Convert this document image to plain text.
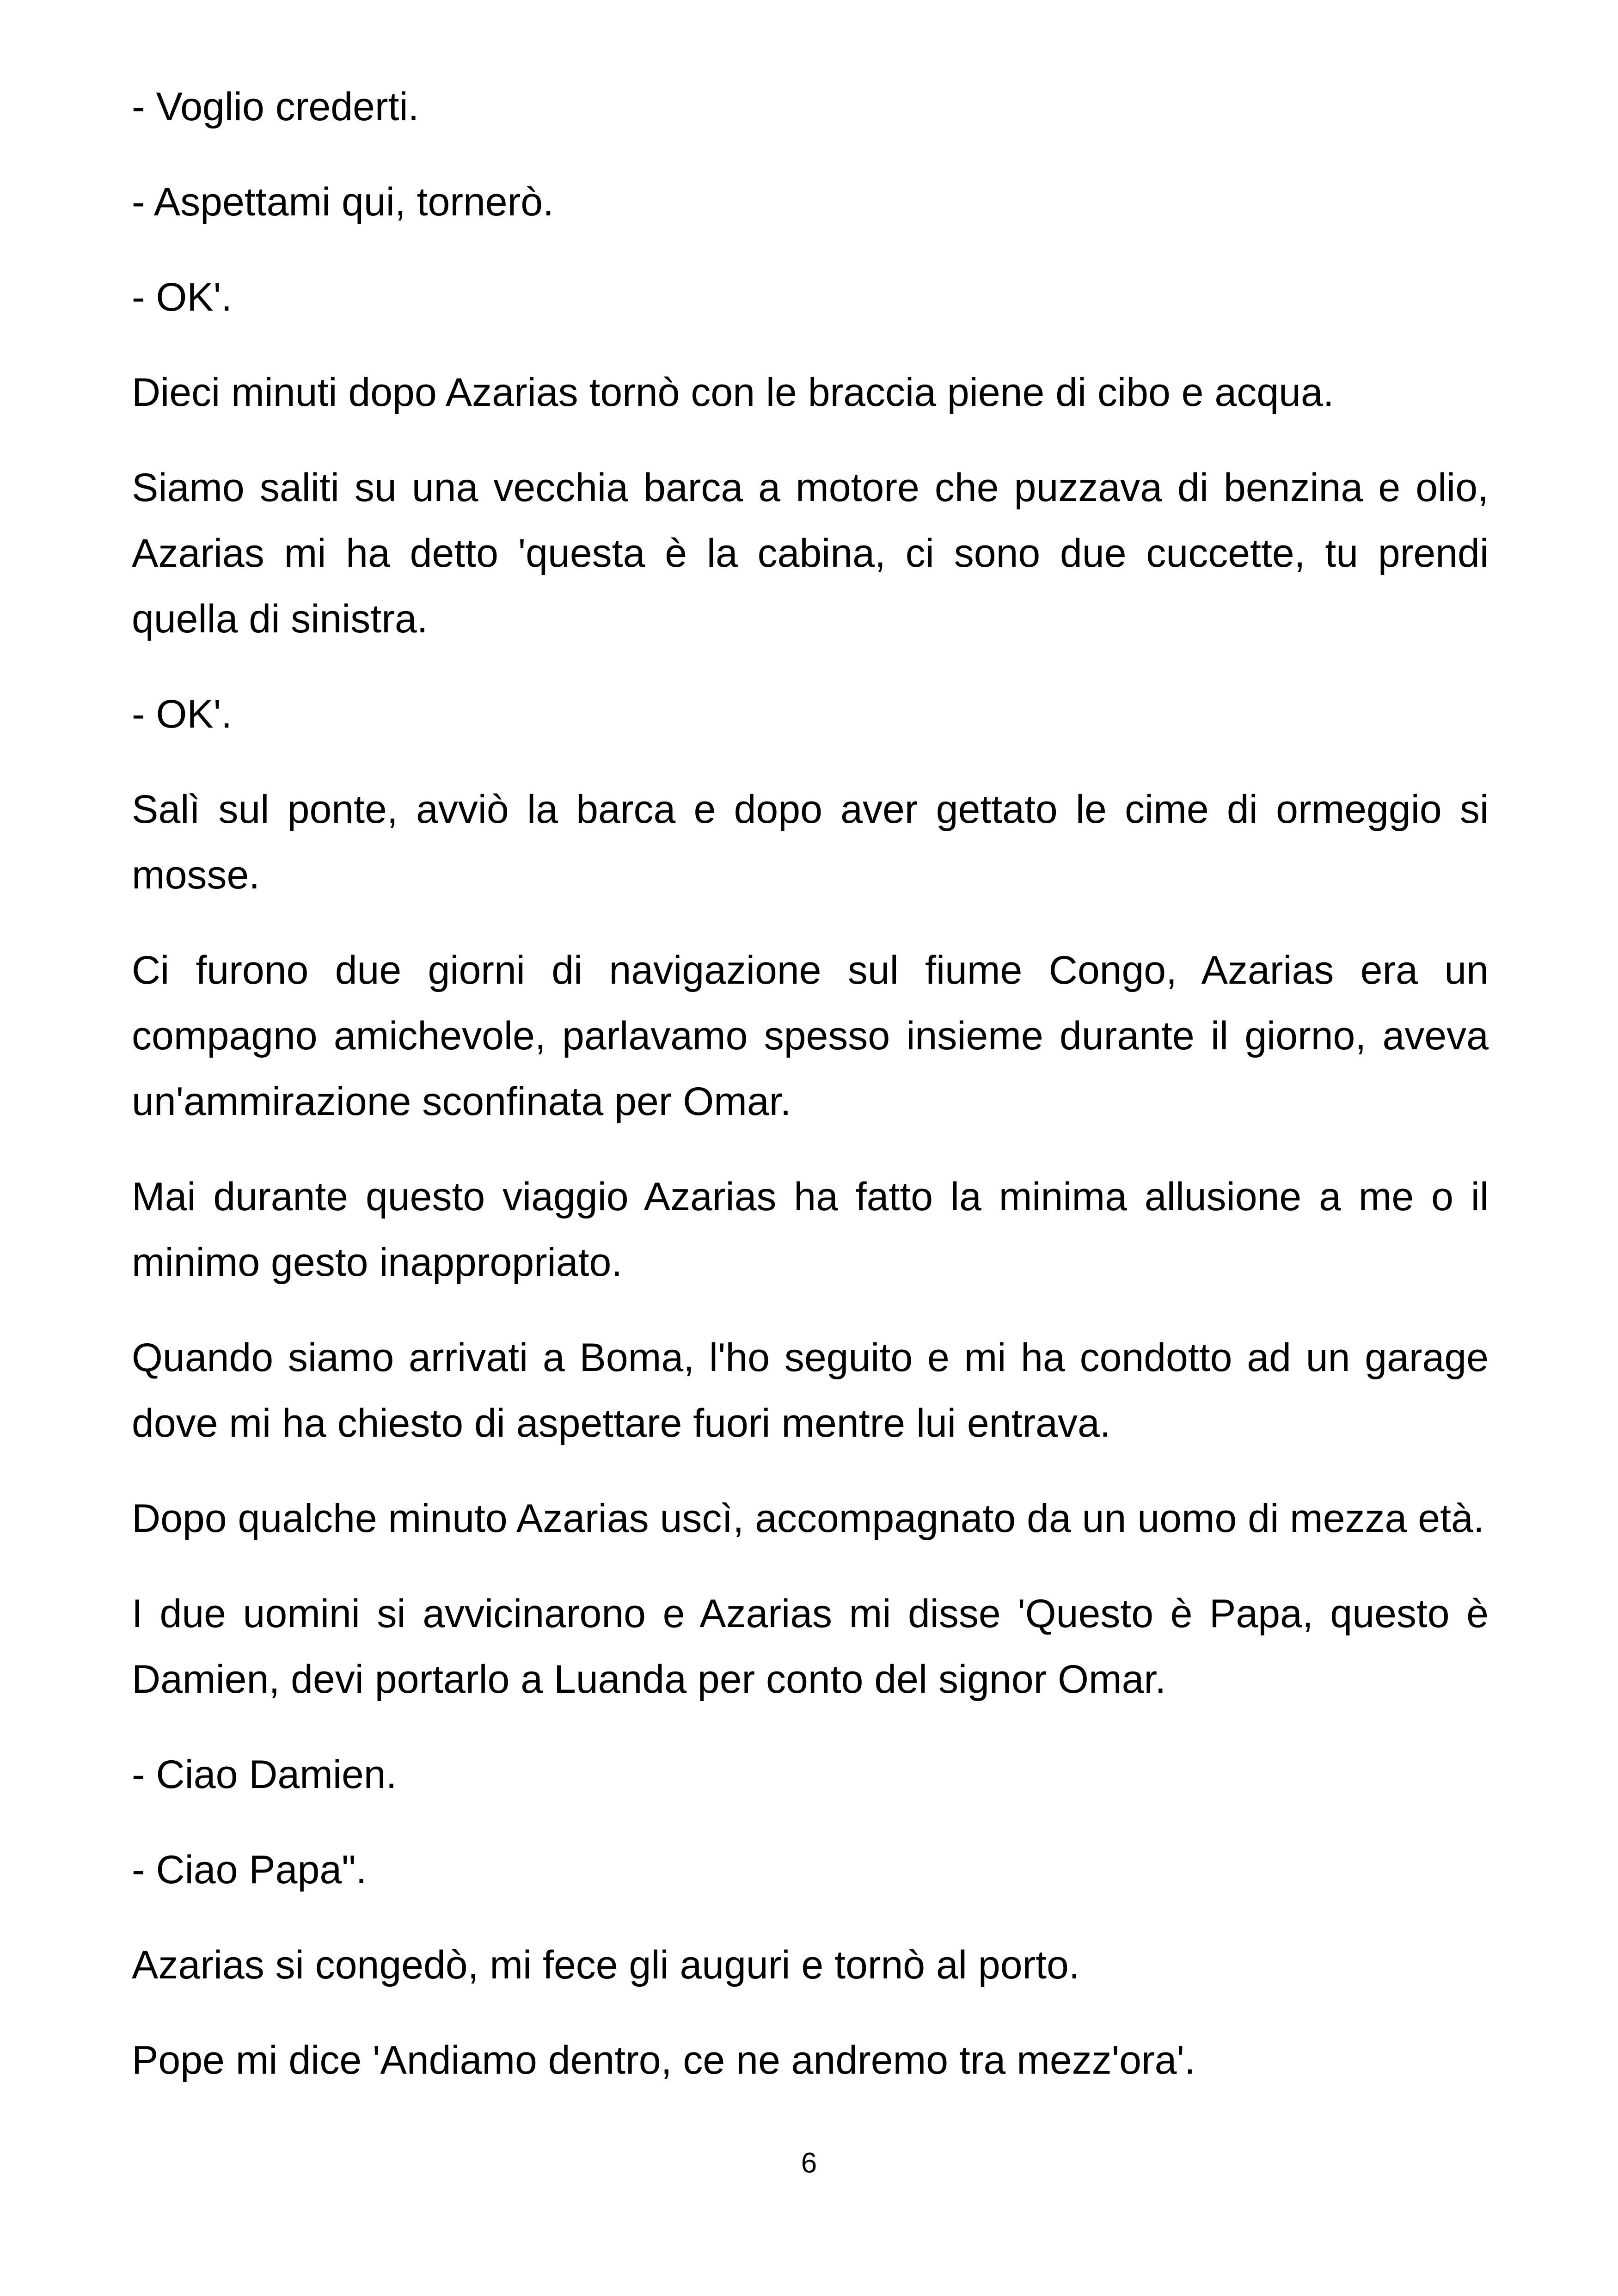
- Voglio crederti.

- Aspettami qui, tornerò.

- OK'.

Dieci minuti dopo Azarias tornò con le braccia piene di cibo e acqua.

Siamo saliti su una vecchia barca a motore che puzzava di benzina e olio, Azarias mi ha detto 'questa è la cabina, ci sono due cuccette, tu prendi quella di sinistra.

- OK'.

Salì sul ponte, avviò la barca e dopo aver gettato le cime di ormeggio si mosse.

Ci furono due giorni di navigazione sul fiume Congo, Azarias era un compagno amichevole, parlavamo spesso insieme durante il giorno, aveva un'ammirazione sconfinata per Omar.

Mai durante questo viaggio Azarias ha fatto la minima allusione a me o il minimo gesto inappropriato.

Quando siamo arrivati a Boma, l'ho seguito e mi ha condotto ad un garage dove mi ha chiesto di aspettare fuori mentre lui entrava.

Dopo qualche minuto Azarias uscì, accompagnato da un uomo di mezza età.

I due uomini si avvicinarono e Azarias mi disse 'Questo è Papa, questo è Damien, devi portarlo a Luanda per conto del signor Omar.

- Ciao Damien.

- Ciao Papa".

Azarias si congedò, mi fece gli auguri e tornò al porto.

Pope mi dice 'Andiamo dentro, ce ne andremo tra mezz'ora'.

6
